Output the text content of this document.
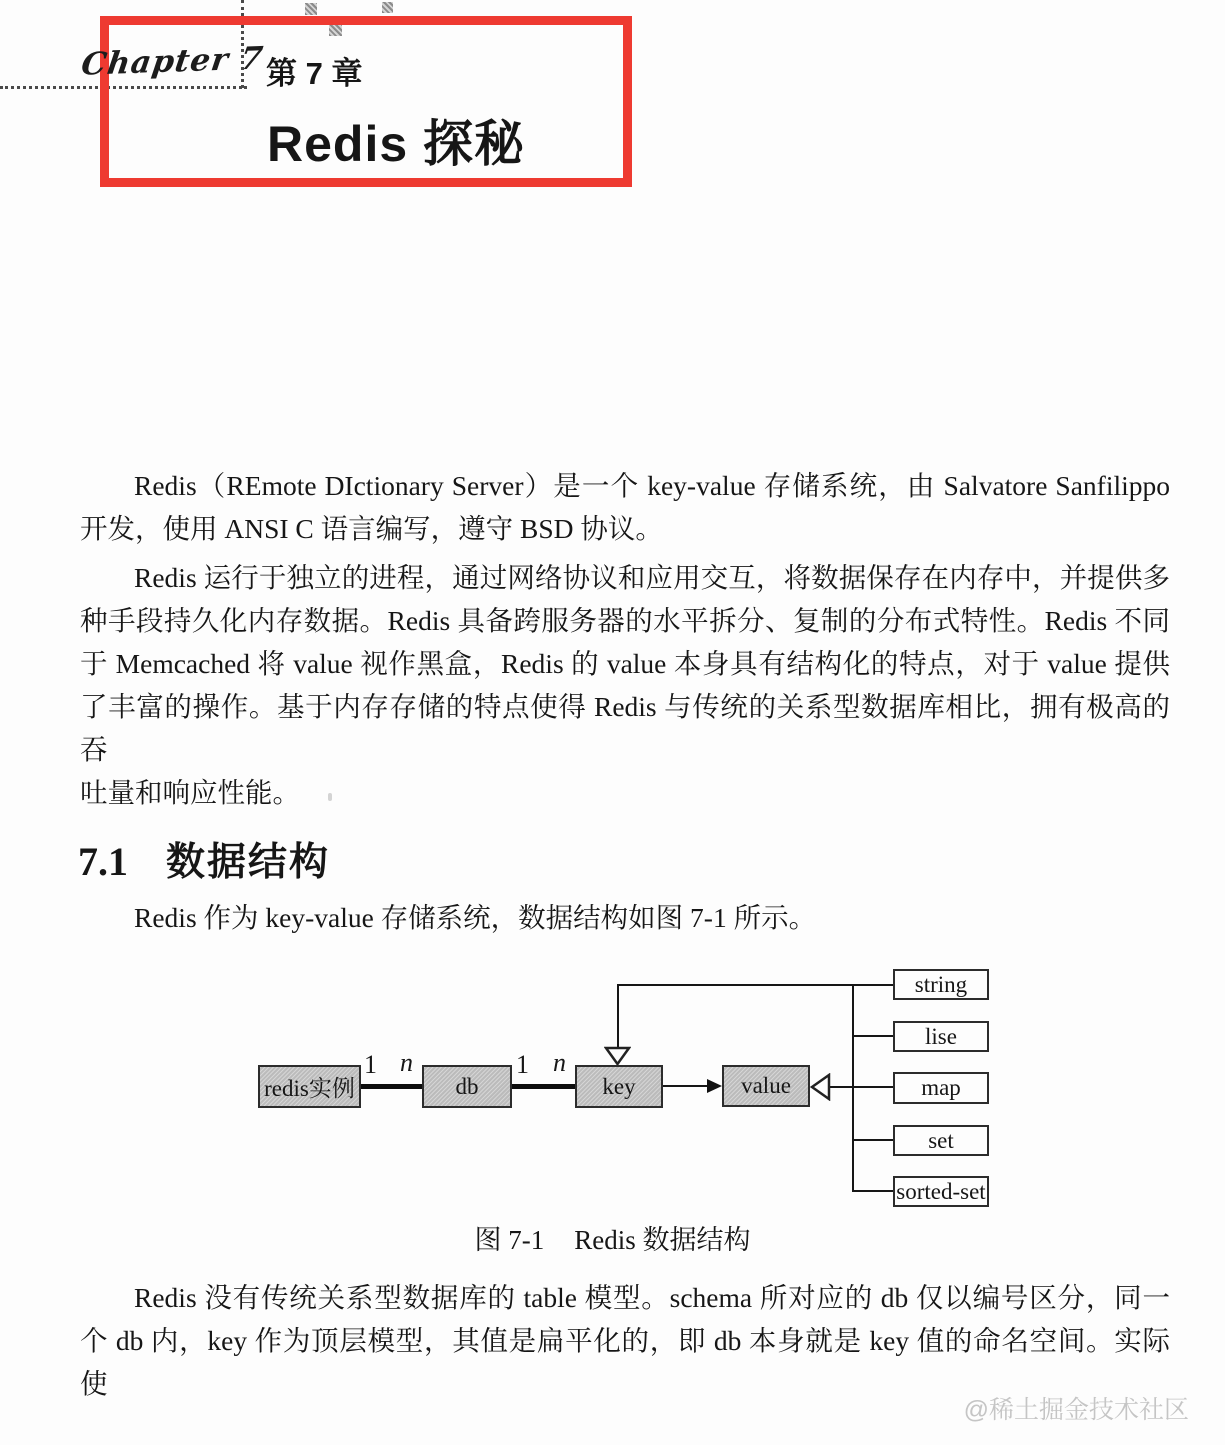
Chapter 7 第 7 章
Redis 探秘
Redis（REmote DIctionary Server）是一个 key-value 存储系统，由 Salvatore Sanfilippo
开发，使用 ANSI C 语言编写，遵守 BSD 协议。
Redis 运行于独立的进程，通过网络协议和应用交互，将数据保存在内存中，并提供多
种手段持久化内存数据。Redis 具备跨服务器的水平拆分、复制的分布式特性。Redis 不同
于 Memcached 将 value 视作黑盒，Redis 的 value 本身具有结构化的特点，对于 value 提供
了丰富的操作。基于内存存储的特点使得 Redis 与传统的关系型数据库相比，拥有极高的吞
吐量和响应性能。
7.1 数据结构
Redis 作为 key-value 存储系统，数据结构如图 7-1 所示。
1 n	1 n
redis实例	db	key	value
string
lise
map
set
sorted-set
图 7-1 Redis 数据结构
Redis 没有传统关系型数据库的 table 模型。schema 所对应的 db 仅以编号区分，同一
个 db 内，key 作为顶层模型，其值是扁平化的，即 db 本身就是 key 值的命名空间。实际使
@稀土掘金技术社区
